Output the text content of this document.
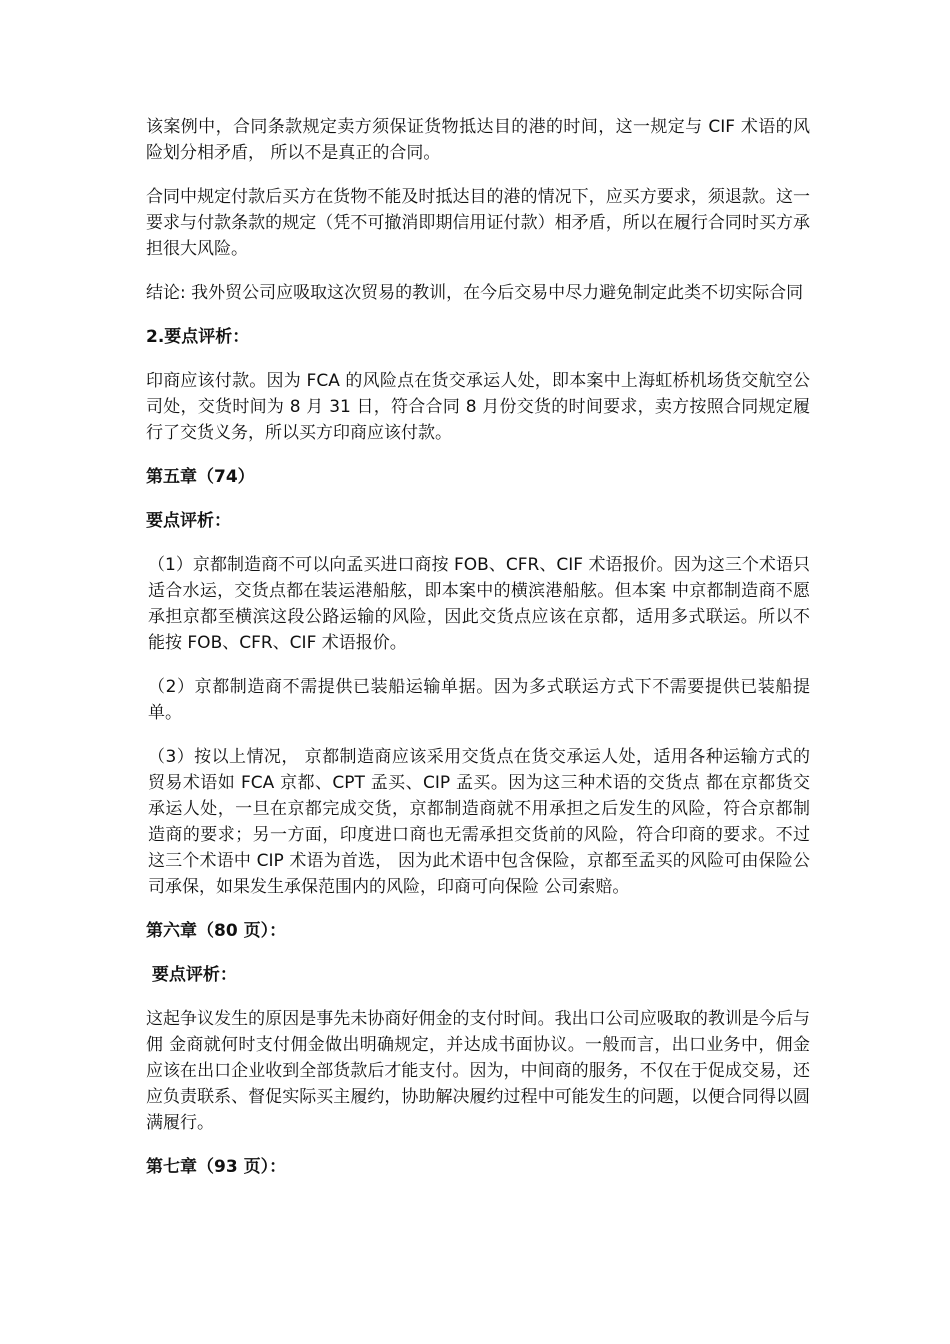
该案例中，合同条款规定卖方须保证货物抵达目的港的时间，这一规定与 CIF 术语的风险划分相矛盾， 所以不是真正的合同。

合同中规定付款后买方在货物不能及时抵达目的港的情况下，应买方要求，须退款。这一要求与付款条款的规定（凭不可撤消即期信用证付款）相矛盾，所以在履行合同时买方承担很大风险。

结论: 我外贸公司应吸取这次贸易的教训，在今后交易中尽力避免制定此类不切实际合同

2.要点评析：

印商应该付款。因为 FCA 的风险点在货交承运人处，即本案中上海虹桥机场货交航空公司处，交货时间为 8 月 31 日，符合合同 8 月份交货的时间要求，卖方按照合同规定履行了交货义务，所以买方印商应该付款。

第五章（74）

要点评析：

（1）京都制造商不可以向孟买进口商按 FOB、CFR、CIF 术语报价。因为这三个术语只适合水运，交货点都在装运港船舷，即本案中的横滨港船舷。但本案 中京都制造商不愿承担京都至横滨这段公路运输的风险，因此交货点应该在京都，适用多式联运。所以不能按 FOB、CFR、CIF 术语报价。

（2）京都制造商不需提供已装船运输单据。因为多式联运方式下不需要提供已装船提单。

（3）按以上情况， 京都制造商应该采用交货点在货交承运人处，适用各种运输方式的贸易术语如 FCA 京都、CPT 孟买、CIP 孟买。因为这三种术语的交货点 都在京都货交承运人处，一旦在京都完成交货，京都制造商就不用承担之后发生的风险，符合京都制造商的要求；另一方面，印度进口商也无需承担交货前的风险，符合印商的要求。不过这三个术语中 CIP 术语为首选， 因为此术语中包含保险，京都至孟买的风险可由保险公司承保，如果发生承保范围内的风险，印商可向保险 公司索赔。

第六章（80 页）：

要点评析：

这起争议发生的原因是事先未协商好佣金的支付时间。我出口公司应吸取的教训是今后与佣 金商就何时支付佣金做出明确规定，并达成书面协议。一般而言，出口业务中，佣金应该在出口企业收到全部货款后才能支付。因为，中间商的服务，不仅在于促成交易，还应负责联系、督促实际买主履约，协助解决履约过程中可能发生的问题，以便合同得以圆满履行。

第七章（93 页）：
